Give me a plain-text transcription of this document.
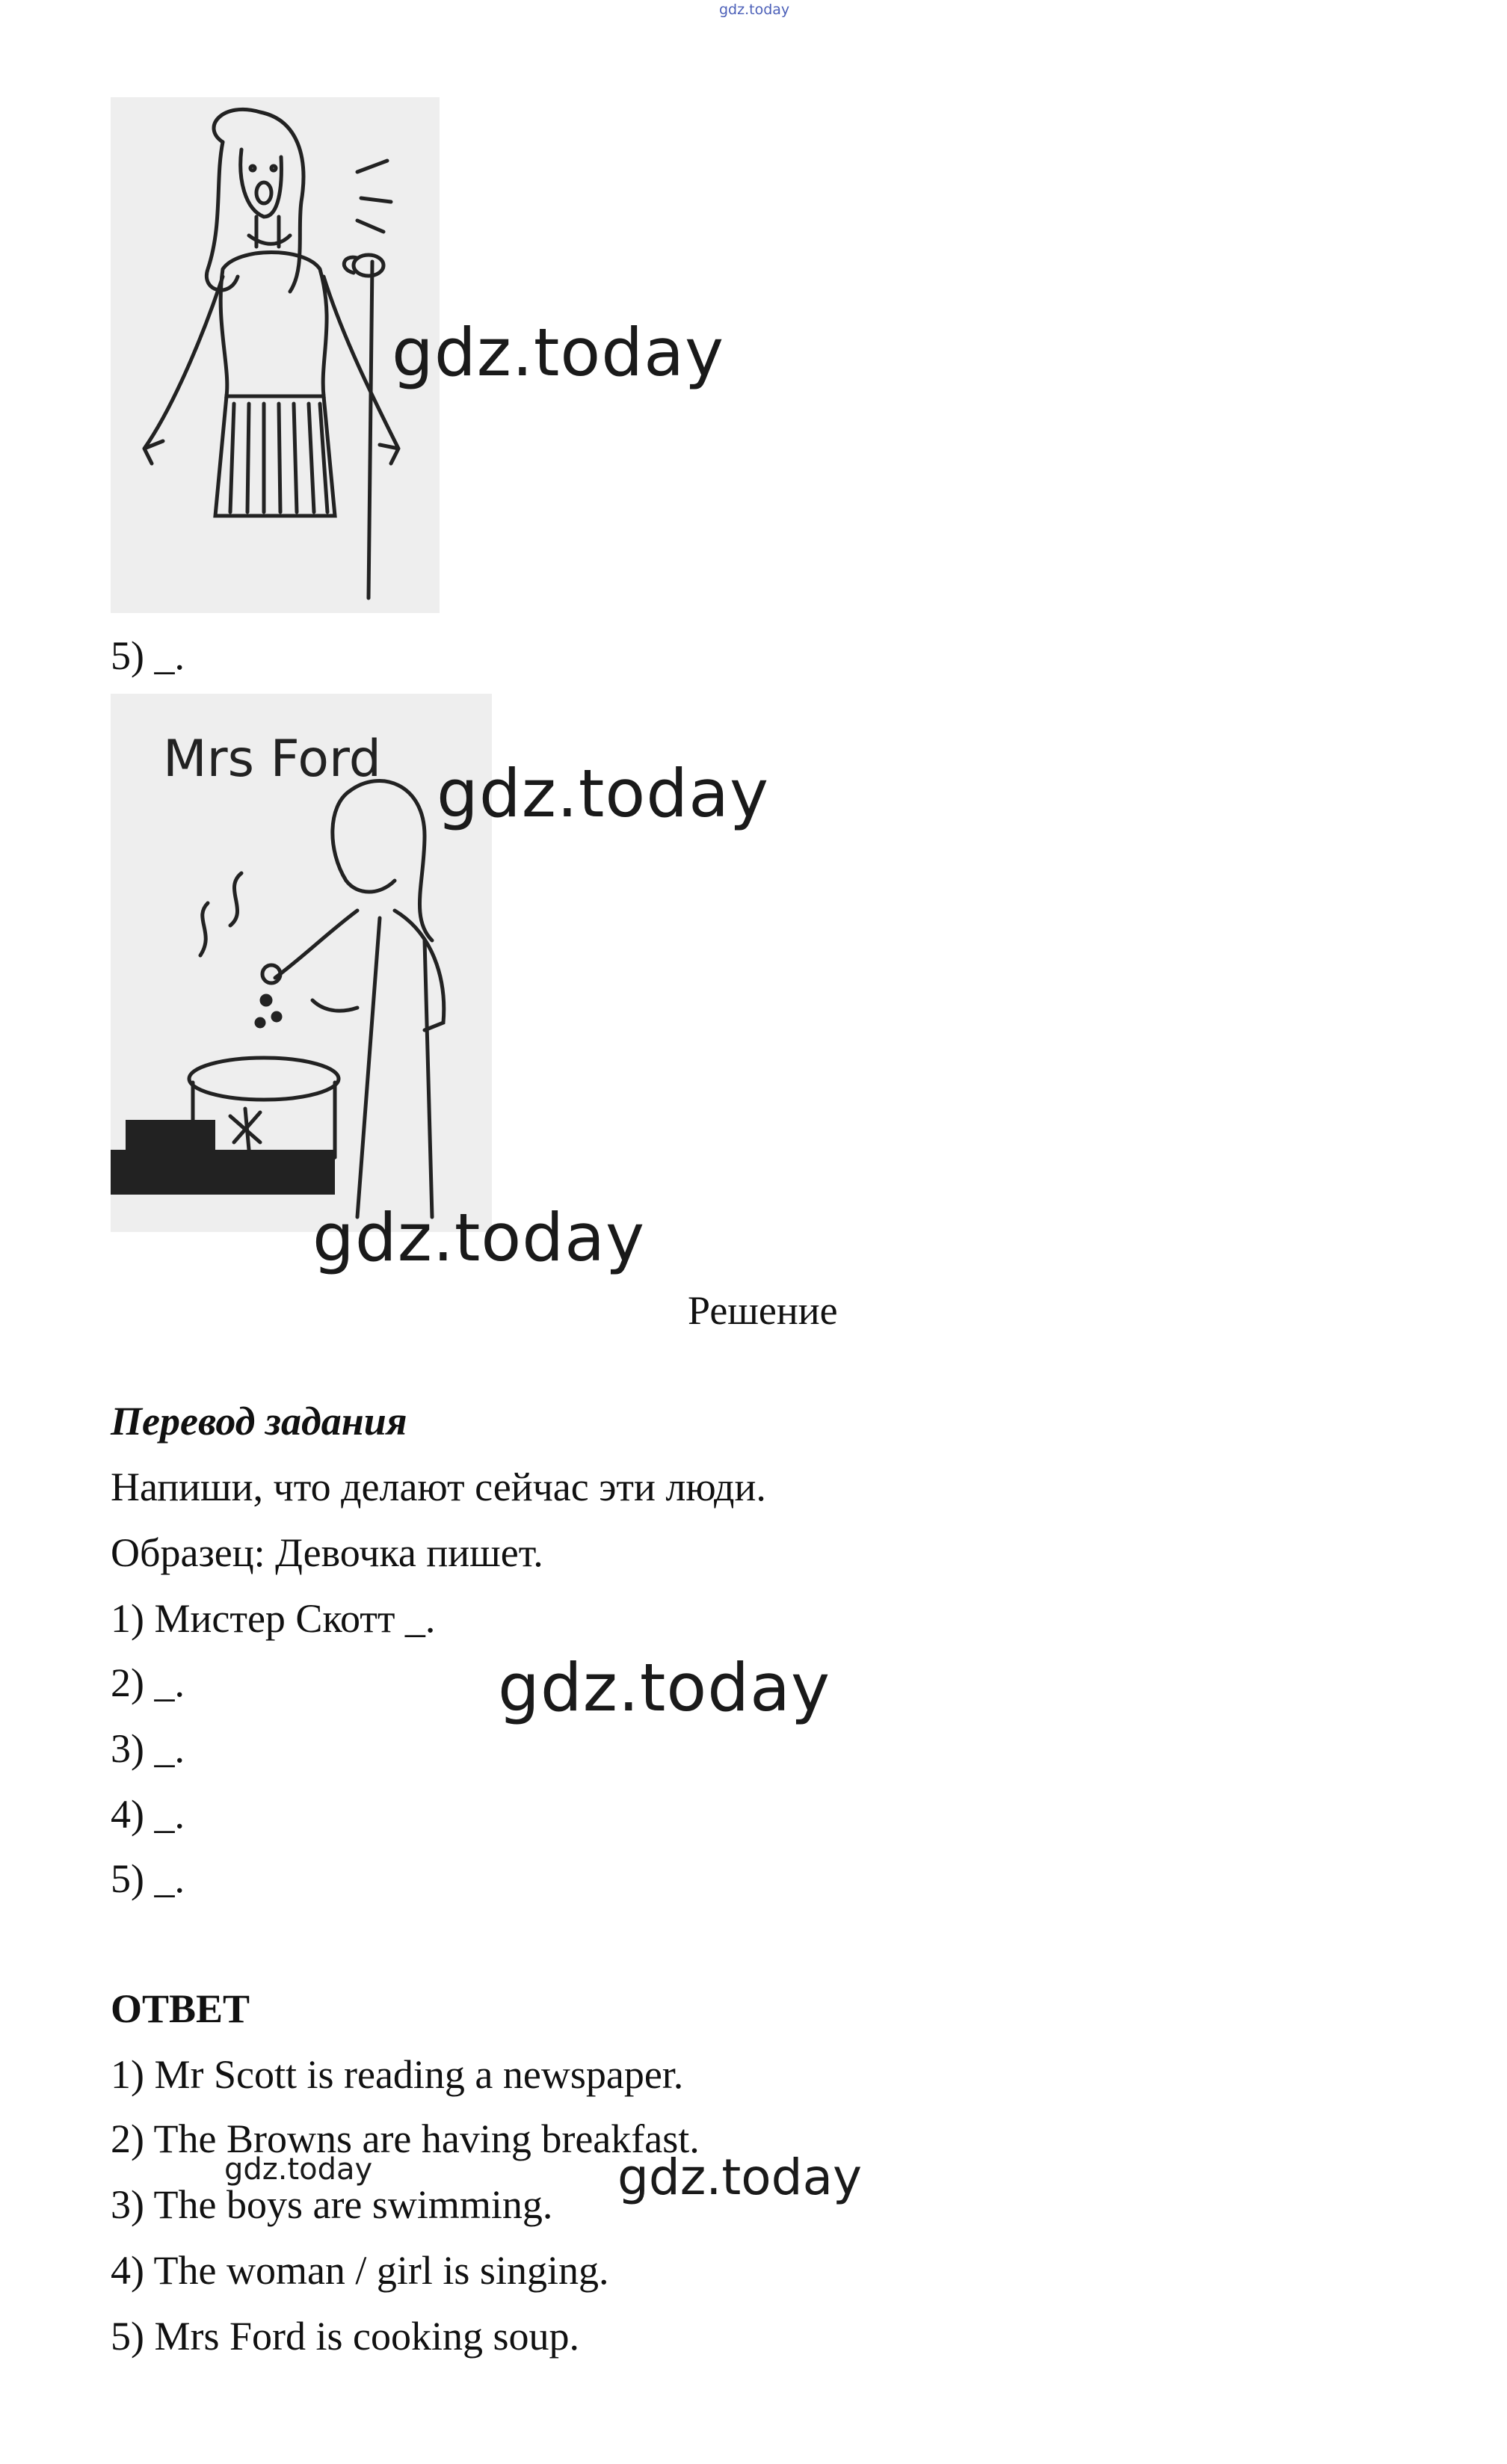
gdz.today
gdz.today
5) _.
Mrs Ford gdz.today
gdz.today
Решение
Перевод задания
Напиши, что делают сейчас эти люди.
Образец: Девочка пишет.
1) Мистер Скотт _.
2) _.
3) _.
4) _.
5) _.
gdz.today
ОТВЕТ
1) Mr Scott is reading a newspaper.
2) The Browns are having breakfast.
3) The boys are swimming.
4) The woman / girl is singing.
5) Mrs Ford is cooking soup.
gdz.today	gdz.today
